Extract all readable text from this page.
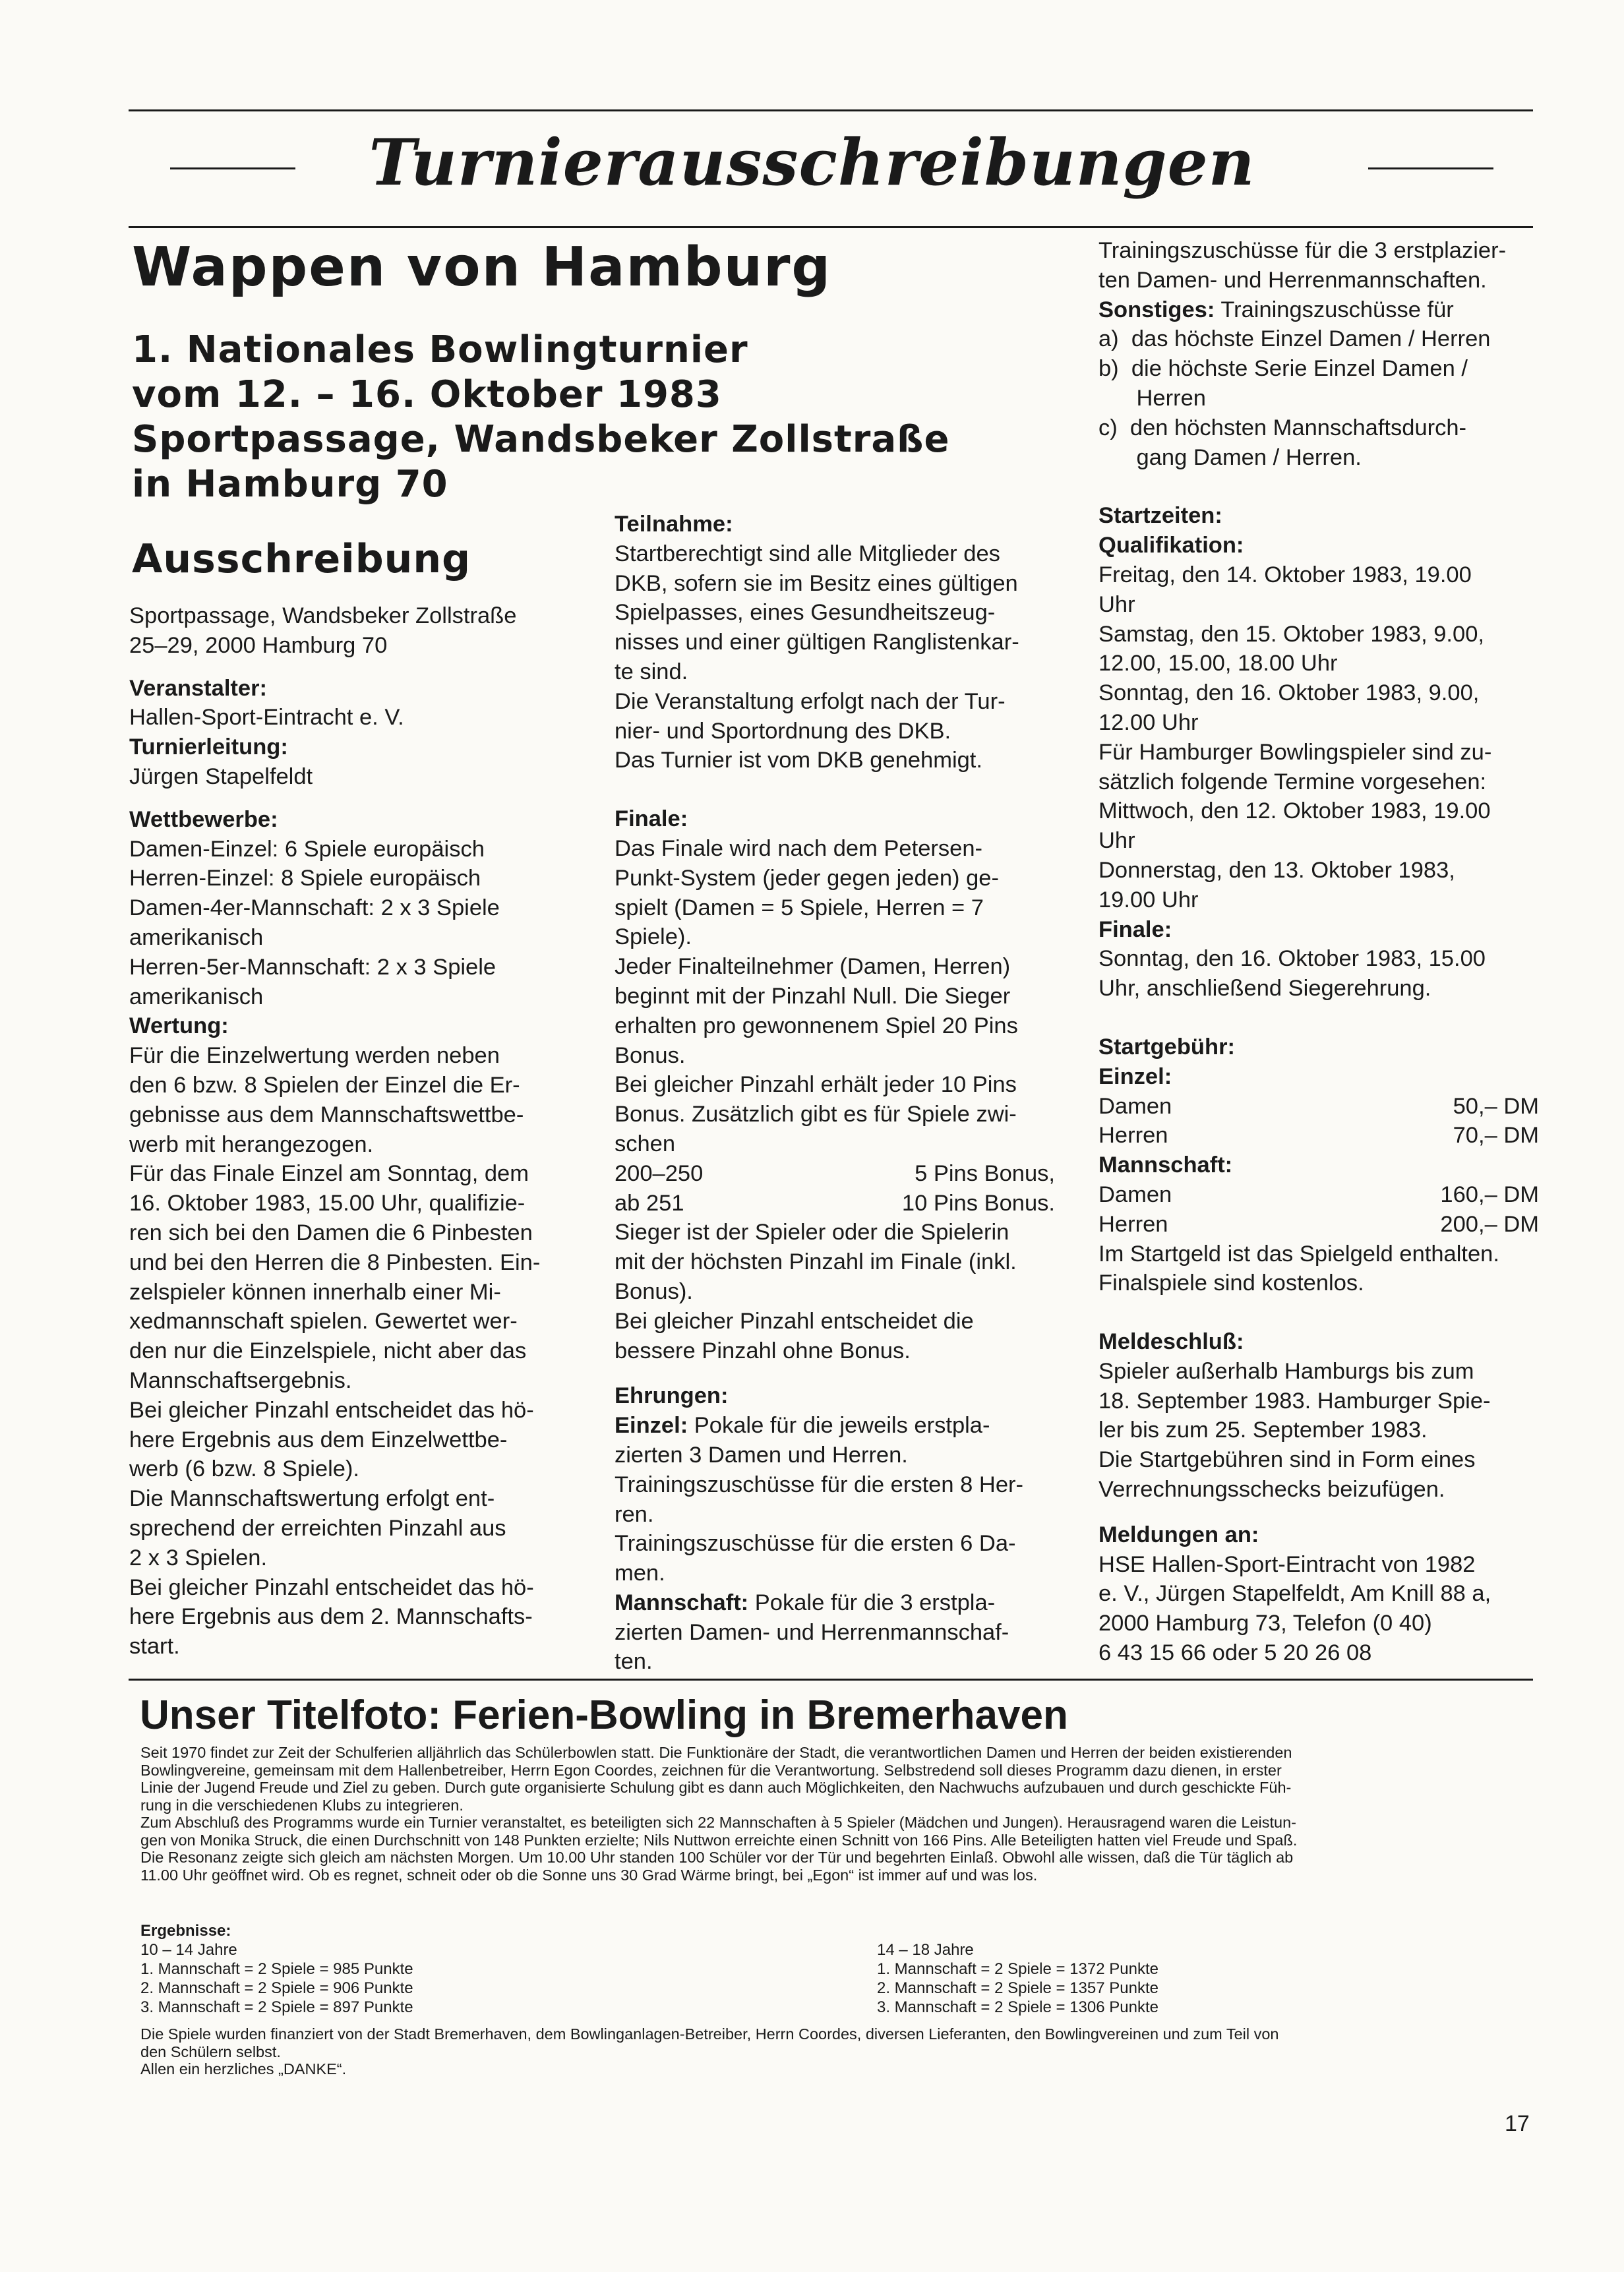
Turnierausschreibungen
Wappen von Hamburg
1. Nationales Bowlingturnier
vom 12. – 16. Oktober 1983
Sportpassage, Wandsbeker Zollstraße
in Hamburg 70
Ausschreibung

Sportpassage, Wandsbeker Zollstraße

25–29, 2000 Hamburg 70

Veranstalter:

Hallen-Sport-Eintracht e. V.

Turnierleitung:

Jürgen Stapelfeldt

Wettbewerbe:

Damen-Einzel: 6 Spiele europäisch

Herren-Einzel: 8 Spiele europäisch

Damen-4er-Mannschaft: 2 x 3 Spiele

amerikanisch

Herren-5er-Mannschaft: 2 x 3 Spiele

amerikanisch

Wertung:

Für die Einzelwertung werden neben

den 6 bzw. 8 Spielen der Einzel die Er-

gebnisse aus dem Mannschaftswettbe-

werb mit herangezogen.

Für das Finale Einzel am Sonntag, dem

16. Oktober 1983, 15.00 Uhr, qualifizie-

ren sich bei den Damen die 6 Pinbesten

und bei den Herren die 8 Pinbesten. Ein-

zelspieler können innerhalb einer Mi-

xedmannschaft spielen. Gewertet wer-

den nur die Einzelspiele, nicht aber das

Mannschaftsergebnis.

Bei gleicher Pinzahl entscheidet das hö-

here Ergebnis aus dem Einzelwettbe-

werb (6 bzw. 8 Spiele).

Die Mannschaftswertung erfolgt ent-

sprechend der erreichten Pinzahl aus

2 x 3 Spielen.

Bei gleicher Pinzahl entscheidet das hö-

here Ergebnis aus dem 2. Mannschafts-

start.

Teilnahme:

Startberechtigt sind alle Mitglieder des

DKB, sofern sie im Besitz eines gültigen

Spielpasses, eines Gesundheitszeug-

nisses und einer gültigen Ranglistenkar-

te sind.

Die Veranstaltung erfolgt nach der Tur-

nier- und Sportordnung des DKB.

Das Turnier ist vom DKB genehmigt.

Finale:

Das Finale wird nach dem Petersen-

Punkt-System (jeder gegen jeden) ge-

spielt (Damen = 5 Spiele, Herren = 7

Spiele).

Jeder Finalteilnehmer (Damen, Herren)

beginnt mit der Pinzahl Null. Die Sieger

erhalten pro gewonnenem Spiel 20 Pins

Bonus.

Bei gleicher Pinzahl erhält jeder 10 Pins

Bonus. Zusätzlich gibt es für Spiele zwi-

schen

200–250	5 Pins Bonus,
ab 251	10 Pins Bonus.

Sieger ist der Spieler oder die Spielerin

mit der höchsten Pinzahl im Finale (inkl.

Bonus).

Bei gleicher Pinzahl entscheidet die

bessere Pinzahl ohne Bonus.

Ehrungen:

Einzel: Pokale für die jeweils erstpla-

zierten 3 Damen und Herren.

Trainingszuschüsse für die ersten 8 Her-

ren.

Trainingszuschüsse für die ersten 6 Da-

men.

Mannschaft: Pokale für die 3 erstpla-

zierten Damen- und Herrenmannschaf-

ten.

Trainingszuschüsse für die 3 erstplazier-

ten Damen- und Herrenmannschaften.

Sonstiges: Trainingszuschüsse für

a)  das höchste Einzel Damen / Herren

b)  die höchste Serie Einzel Damen /

Herren

c)  den höchsten Mannschaftsdurch-

gang Damen / Herren.

Startzeiten:

Qualifikation:

Freitag, den 14. Oktober 1983, 19.00

Uhr

Samstag, den 15. Oktober 1983, 9.00,

12.00, 15.00, 18.00 Uhr

Sonntag, den 16. Oktober 1983, 9.00,

12.00 Uhr

Für Hamburger Bowlingspieler sind zu-

sätzlich folgende Termine vorgesehen:

Mittwoch, den 12. Oktober 1983, 19.00

Uhr

Donnerstag, den 13. Oktober 1983,

19.00 Uhr

Finale:

Sonntag, den 16. Oktober 1983, 15.00

Uhr, anschließend Siegerehrung.

Startgebühr:

Einzel:

Damen	50,– DM
Herren	70,– DM

Mannschaft:

Damen	160,– DM
Herren	200,– DM

Im Startgeld ist das Spielgeld enthalten.

Finalspiele sind kostenlos.

Meldeschluß:

Spieler außerhalb Hamburgs bis zum

18. September 1983. Hamburger Spie-

ler bis zum 25. September 1983.

Die Startgebühren sind in Form eines

Verrechnungsschecks beizufügen.

Meldungen an:

HSE Hallen-Sport-Eintracht von 1982

e. V., Jürgen Stapelfeldt, Am Knill 88 a,

2000 Hamburg 73, Telefon (0 40)

6 43 15 66 oder 5 20 26 08

Unser Titelfoto: Ferien-Bowling in Bremerhaven

Seit 1970 findet zur Zeit der Schulferien alljährlich das Schülerbowlen statt. Die Funktionäre der Stadt, die verantwortlichen Damen und Herren der beiden existierenden

Bowlingvereine, gemeinsam mit dem Hallenbetreiber, Herrn Egon Coordes, zeichnen für die Verantwortung. Selbstredend soll dieses Programm dazu dienen, in erster

Linie der Jugend Freude und Ziel zu geben. Durch gute organisierte Schulung gibt es dann auch Möglichkeiten, den Nachwuchs aufzubauen und durch geschickte Füh-

rung in die verschiedenen Klubs zu integrieren.

Zum Abschluß des Programms wurde ein Turnier veranstaltet, es beteiligten sich 22 Mannschaften à 5 Spieler (Mädchen und Jungen). Herausragend waren die Leistun-

gen von Monika Struck, die einen Durchschnitt von 148 Punkten erzielte; Nils Nuttwon erreichte einen Schnitt von 166 Pins. Alle Beteiligten hatten viel Freude und Spaß.

Die Resonanz zeigte sich gleich am nächsten Morgen. Um 10.00 Uhr standen 100 Schüler vor der Tür und begehrten Einlaß. Obwohl alle wissen, daß die Tür täglich ab

11.00 Uhr geöffnet wird. Ob es regnet, schneit oder ob die Sonne uns 30 Grad Wärme bringt, bei „Egon“ ist immer auf und was los.

Ergebnisse:

10 – 14 Jahre

1. Mannschaft = 2 Spiele = 985 Punkte

2. Mannschaft = 2 Spiele = 906 Punkte

3. Mannschaft = 2 Spiele = 897 Punkte

14 – 18 Jahre

1. Mannschaft = 2 Spiele = 1372 Punkte

2. Mannschaft = 2 Spiele = 1357 Punkte

3. Mannschaft = 2 Spiele = 1306 Punkte

Die Spiele wurden finanziert von der Stadt Bremerhaven, dem Bowlinganlagen-Betreiber, Herrn Coordes, diversen Lieferanten, den Bowlingvereinen und zum Teil von

den Schülern selbst.

Allen ein herzliches „DANKE“.

17
